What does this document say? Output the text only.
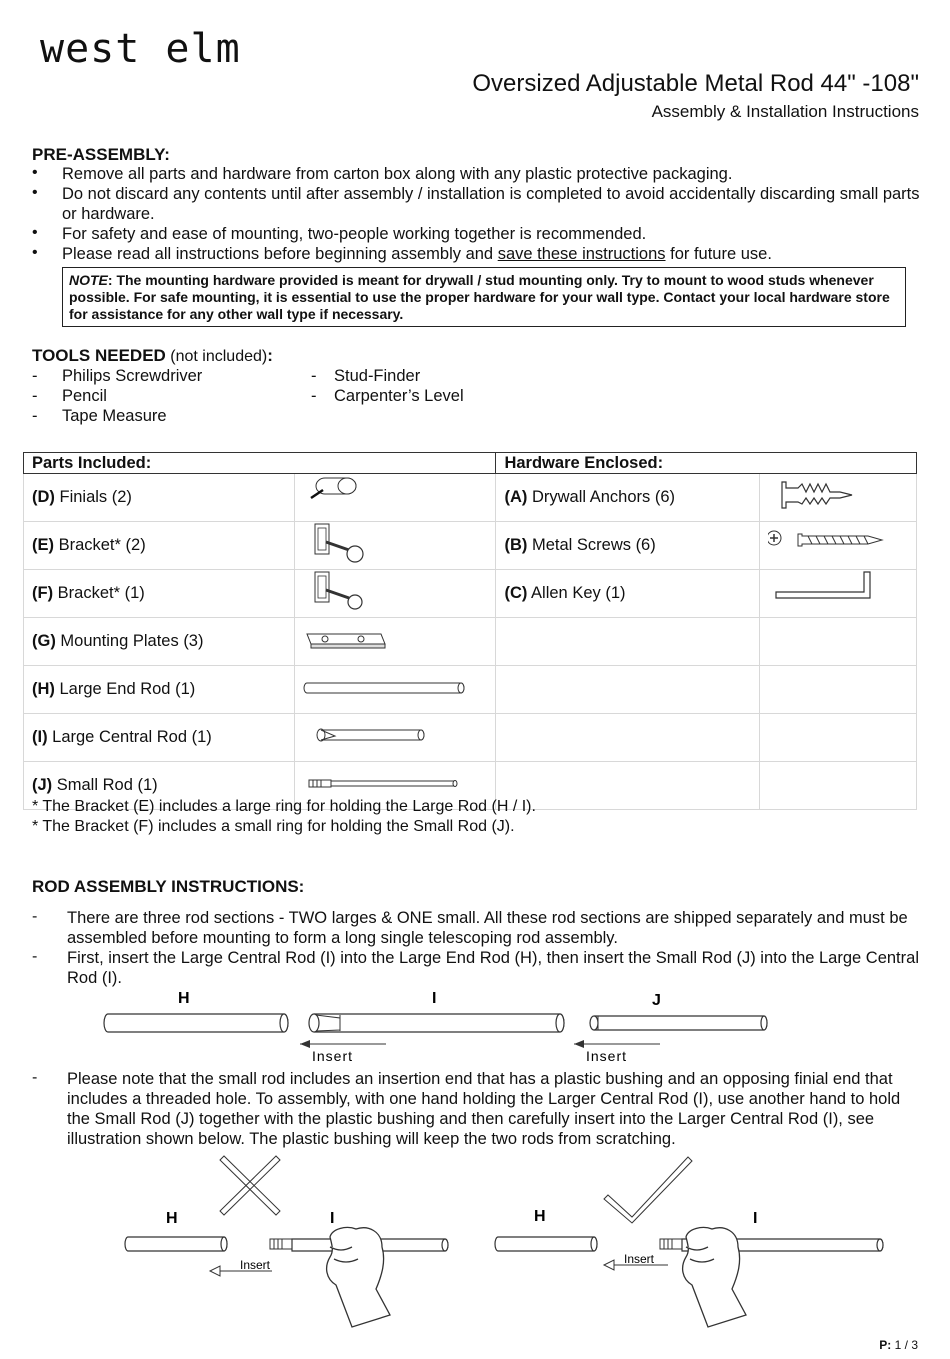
west elm
Oversized Adjustable Metal Rod 44" -108"
Assembly & Installation Instructions
PRE-ASSEMBLY:
• Remove all parts and hardware from carton box along with any plastic protective packaging.
• Do not discard any contents until after assembly / installation is completed to avoid accidentally discarding small parts or hardware.
• For safety and ease of mounting, two-people working together is recommended.
• Please read all instructions before beginning assembly and save these instructions for future use.
NOTE: The mounting hardware provided is meant for drywall / stud mounting only. Try to mount to wood studs whenever possible. For safe mounting, it is essential to use the proper hardware for your wall type. Contact your local hardware store for assistance for any other wall type if necessary.
TOOLS NEEDED (not included):
- Philips Screwdriver
- Pencil
- Tape Measure
- Stud-Finder
- Carpenter’s Level
Parts Included:		Hardware Enclosed:	
(D) Finials (2)		(A) Drywall Anchors (6)	
(E) Bracket* (2)		(B) Metal Screws (6)	
(F) Bracket* (1)		(C) Allen Key (1)	
(G) Mounting Plates (3)			
(H) Large End Rod (1)			
(I) Large Central Rod (1)			
(J) Small Rod (1)			
* The Bracket (E) includes a large ring for holding the Large Rod (H / I).
* The Bracket (F) includes a small ring for holding the Small Rod (J).
ROD ASSEMBLY INSTRUCTIONS:
- There are three rod sections - TWO larges & ONE small. All these rod sections are shipped separately and must be assembled before mounting to form a long single telescoping rod assembly.
- First, insert the Large Central Rod (I) into the Large End Rod (H), then insert the Small Rod (J) into the Large Central Rod (I).
H	I	J
Insert	Insert
- Please note that the small rod includes an insertion end that has a plastic bushing and an opposing finial end that includes a threaded hole. To assembly, with one hand holding the Larger Central Rod (I), use another hand to hold the Small Rod (J) together with the plastic bushing and then carefully insert into the Larger Central Rod (I), see illustration shown below. The plastic bushing will keep the two rods from scratching.
H	I
Insert
H	I
Insert
P: 1 / 3
